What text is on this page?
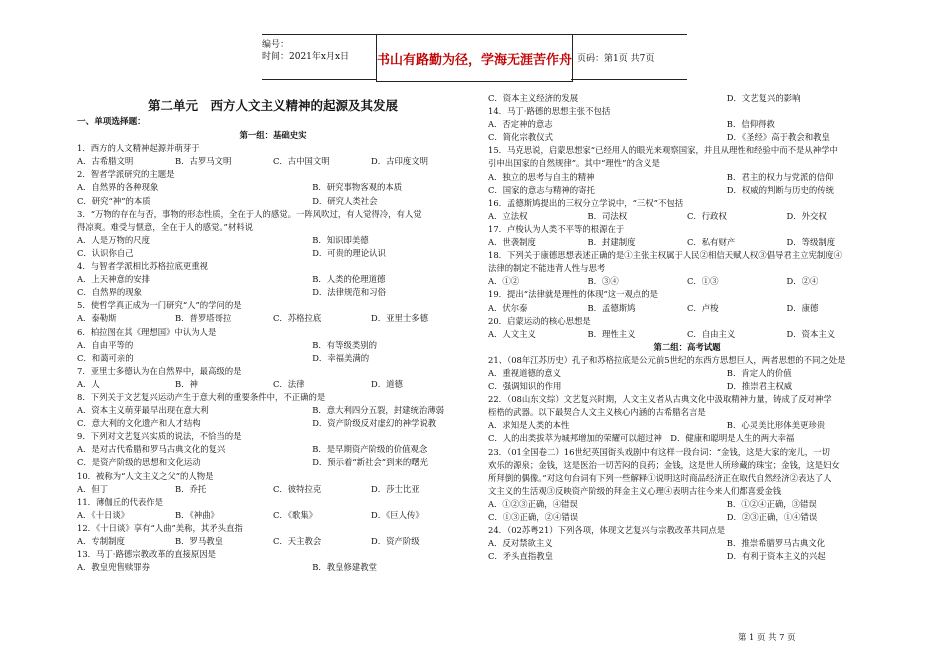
编号：
时间：2021年x月x日	书山有路勤为径，学海无涯苦作舟 页码：第1页 共7页
第二单元　西方人文主义精神的起源及其发展
一、单项选择题：
第一组：基础史实
1．西方的人文精神起源并萌芽于
A．古希腊文明	B．古罗马文明	C．古中国文明	D．古印度文明
2．智者学派研究的主题是
A．自然界的各种现象	B．研究事物客观的本质
C．研究“神”的本质	D．研究人类社会
3．“万物的存在与否，事物的形态性质，全在于人的感觉。一阵风吹过，有人觉得冷，有人觉
得凉爽。难受与惬意，全在于人的感觉。”材料说
A．人是万物的尺度	B．知识即美德
C．认识你自己	D．可贵的理论认识
4．与智者学派相比苏格拉底更重视
A．上天神意的安排	B．人类的伦理道德
C．自然界的现象	D．法律规范和习俗
5．使哲学真正成为一门研究“人”的学问的是
A．泰勒斯	B．普罗塔哥拉	C．苏格拉底	D．亚里士多德
6．柏拉图在其《理想国》中认为人是
A．自由平等的	B．有等级类别的
C．和蔼可亲的	D．幸福美满的
7．亚里士多德认为在自然界中，最高级的是
A．人	B．神	C．法律	D．道德
8．下列关于文艺复兴运动产生于意大利的重要条件中，不正确的是
A．资本主义萌芽最早出现在意大利	B．意大利四分五裂，封建统治薄弱
C．意大利的文化遗产和人才结构	D．资产阶级反对虚幻的神学说教
9．下列对文艺复兴实质的说法，不恰当的是
A．是对古代希腊和罗马古典文化的复兴	B．是早期资产阶级的价值观念
C．是资产阶级的思想和文化运动	D．预示着“新社会”到来的曙光
10．被称为“人文主义之父”的人物是
A．但丁	B．乔托	C．彼特拉克	D．莎士比亚
11．薄伽丘的代表作是
A．《十日谈》	B．《神曲》	C．《歌集》	D．《巨人传》
12．《十日谈》享有“人曲”美称，其矛头直指
A．专制制度	B．罗马教皇	C．天主教会	D．资产阶级
13．马丁·路德宗教改革的直接原因是
A．教皇兜售赎罪券	B．教皇修建教堂
C．资本主义经济的发展	D．文艺复兴的影响
14．马丁·路德的思想主张不包括
A．否定神的意志	B．信仰得救
C．简化宗教仪式	D．《圣经》高于教会和教皇
15．马克思说，启蒙思想家“已经用人的眼光来观察国家，并且从理性和经验中而不是从神学中
引申出国家的自然规律”。其中“理性”的含义是
A．独立的思考与自主的精神	B．君主的权力与党派的信仰
C．国家的意志与精神的寄托	D．权威的判断与历史的传统
16．孟德斯鸠提出的三权分立学说中，“三权”不包括
A．立法权	B．司法权	C．行政权	D．外交权
17．卢梭认为人类不平等的根源在于
A．世袭制度	B．封建制度	C．私有财产	D．等级制度
18．下列关于康德思想表述正确的是①主张主权属于人民②相信天赋人权③倡导君主立宪制度④
法律的制定不能违背人性与思考
A．①②	B．③④	C．①③	D．②④
19．提出“法律就是理性的体现”这一观点的是
A．伏尔泰	B．孟德斯鸠	C．卢梭	D．康德
20．启蒙运动的核心思想是
A．人文主义	B．理性主义	C．自由主义	D．资本主义
第二组：高考试题
21、（08年江苏历史）孔子和苏格拉底是公元前5世纪的东西方思想巨人，两者思想的不同之处是
A．重视道德的意义	B．肯定人的价值
C．强调知识的作用	D．推崇君主权威
22．（08山东文综）文艺复兴时期，人文主义者从古典文化中汲取精神力量，铸成了反对神学
桎梏的武器。以下最契合人文主义核心内涵的古希腊名言是
A．求知是人类的本性	B．心灵美比形体美更珍贵
C．人的出类拔萃为城邦增加的荣耀可以超过神　D．健康和聪明是人生的两大幸福
23．（01全国卷二）16世纪英国街头戏剧中有这样一段台词：“金钱，这是大家的宠儿，一切
欢乐的源泉；金钱，这是医治一切苦闷的良药；金钱，这是世人所珍藏的珠宝；金钱，这是妇女
所拜倒的偶像。”对这句台词有下列一些解释①说明这时商品经济正在取代自然经济②表达了人
文主义的生活观③反映资产阶级的拜金主义心理④表明古往今来人们都喜爱金钱
A．①②③正确，④错误	B．①②④正确，③错误
C．①③正确，②④错误	D．②③正确，①④错误
24．（02苏粤21）下列各项，体现文艺复兴与宗教改革共同点是
A．反对禁欲主义	B．推崇希腊罗马古典文化
C．矛头直指教皇	D．有利于资本主义的兴起
第 1 页 共 7 页
